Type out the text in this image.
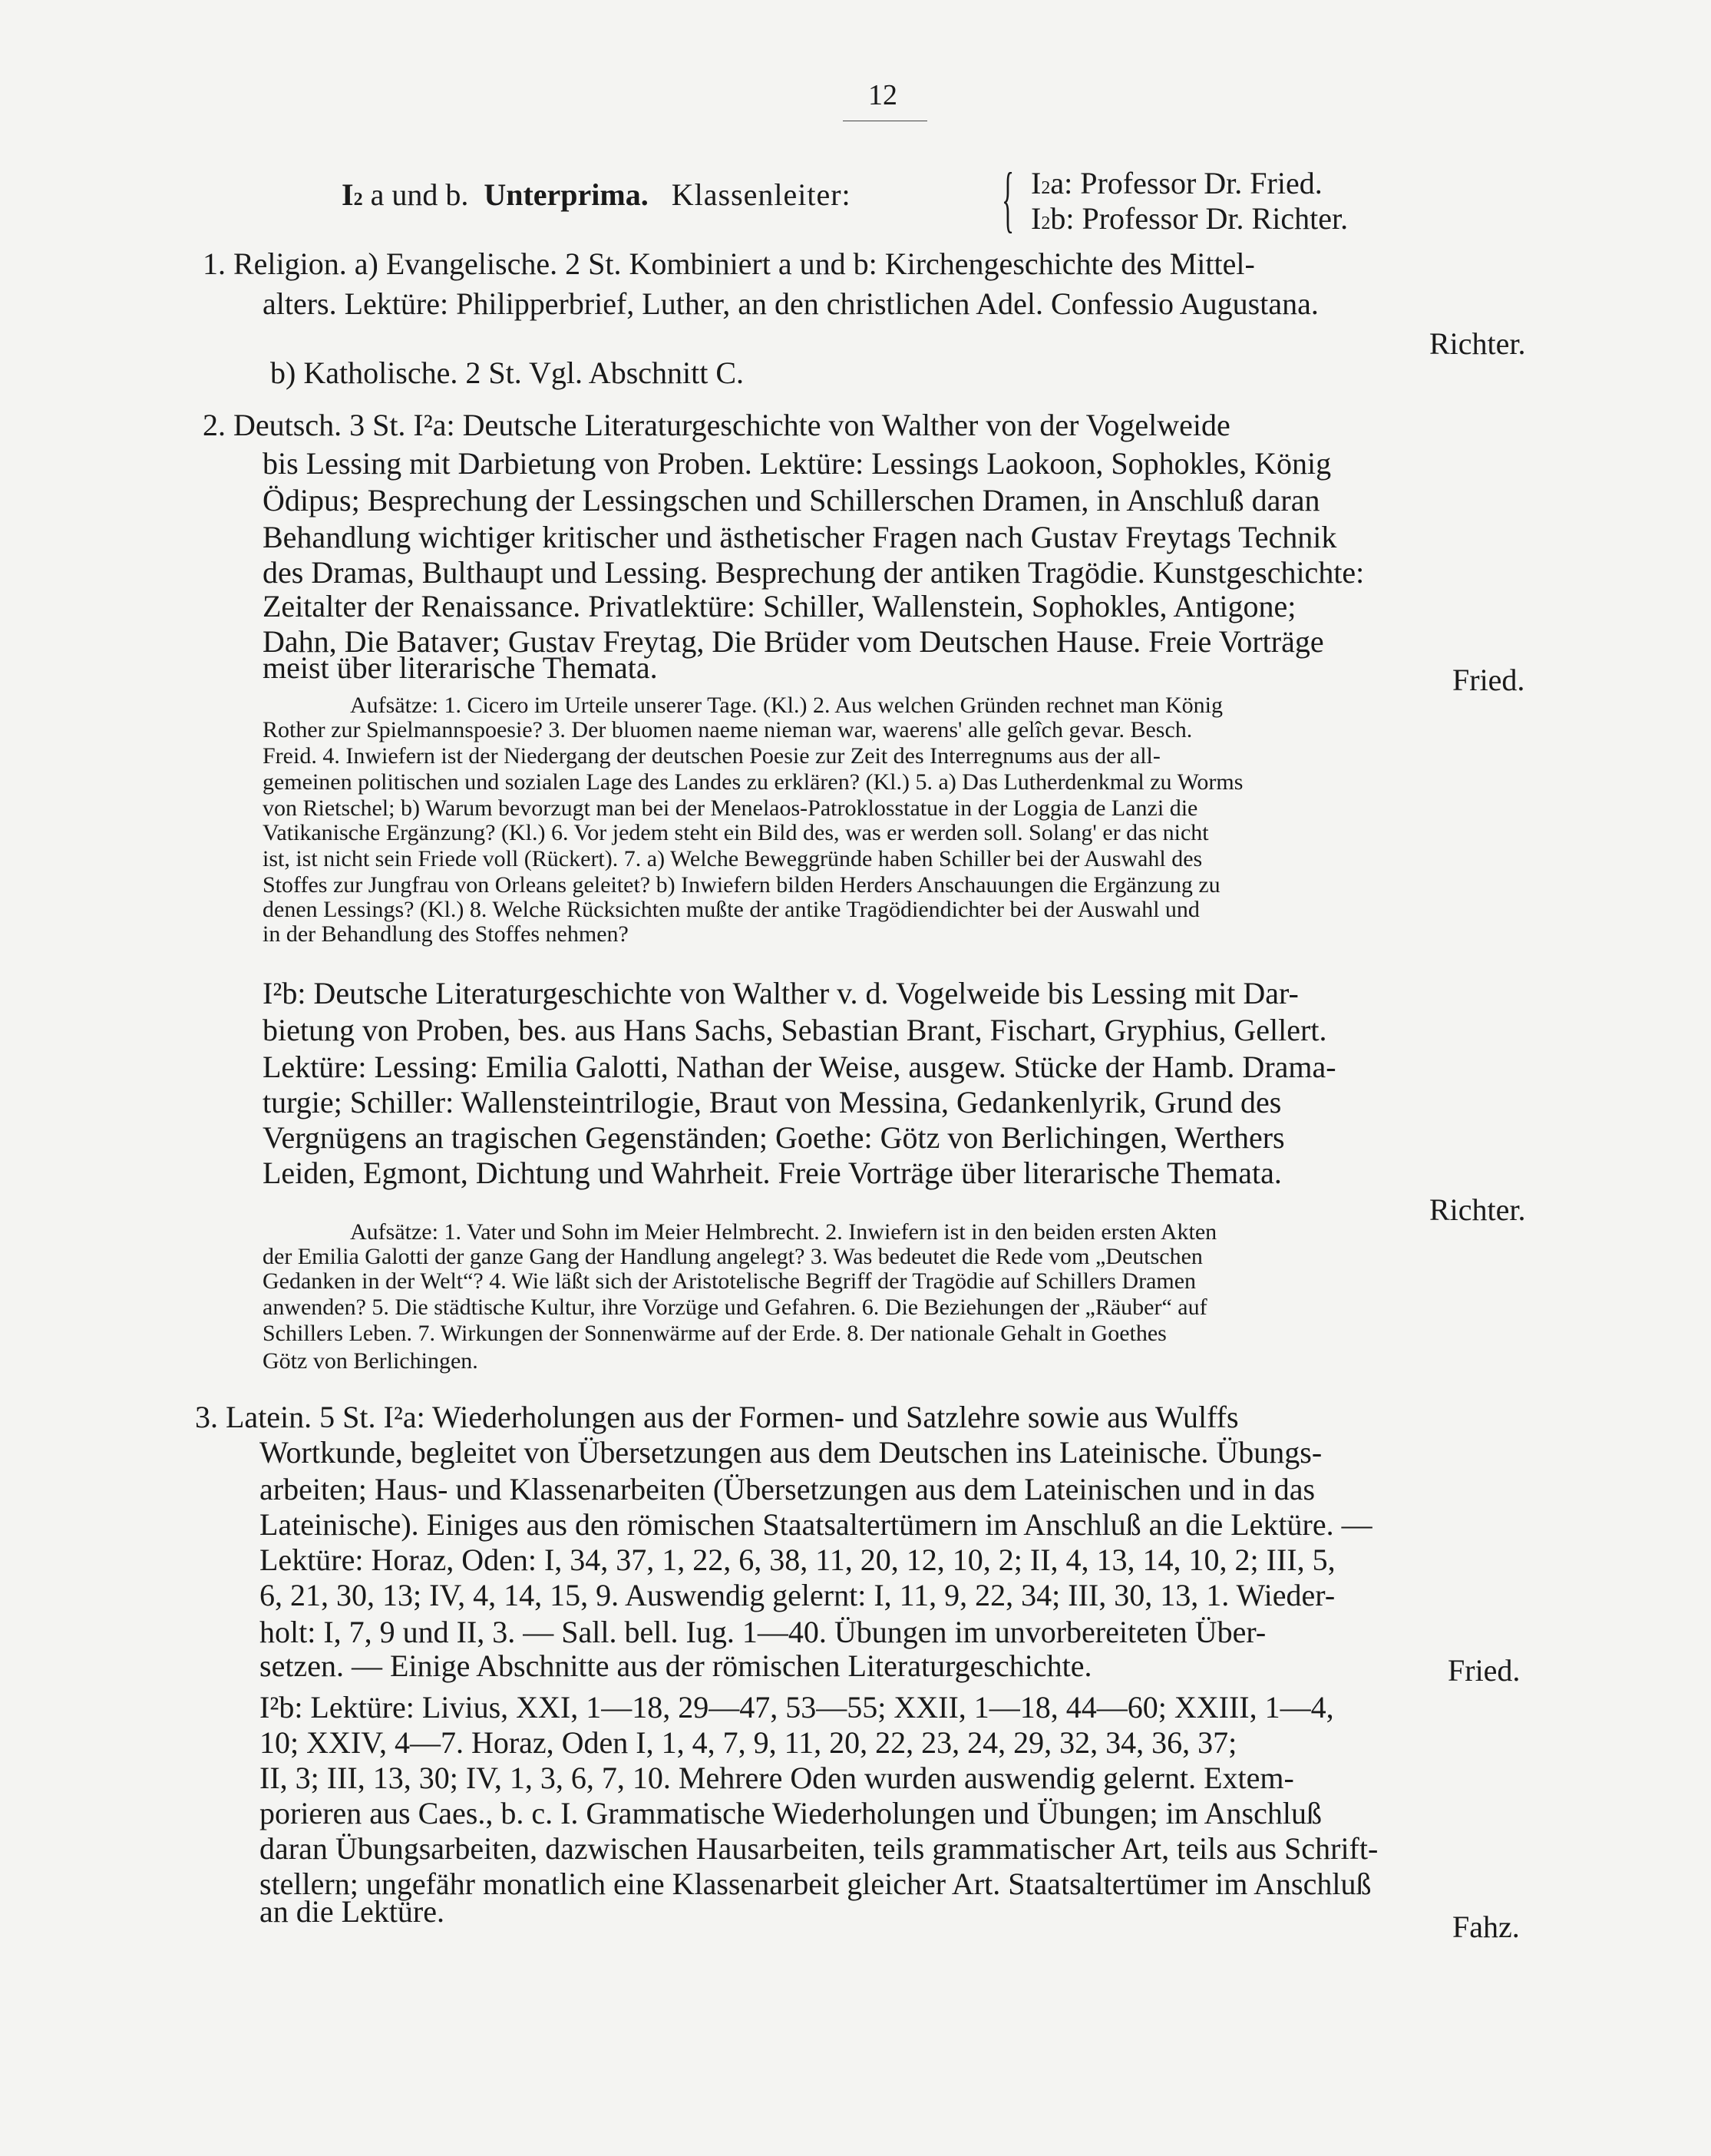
12
$I^2$ a und b. Unterprima. Klassenleiter: { $I^2a$: Professor Dr. Fried.
$I^2b$: Professor Dr. Richter.
1. Religion. a) Evangelische. 2 St. Kombiniert a und b: Kirchengeschichte des Mittel-
alters. Lektüre: Philipperbrief, Luther, an den christlichen Adel. Confessio Augustana.
Richter.
b) Katholische. 2 St. Vgl. Abschnitt C.
2. Deutsch. 3 St. I²a: Deutsche Literaturgeschichte von Walther von der Vogelweide
bis Lessing mit Darbietung von Proben. Lektüre: Lessings Laokoon, Sophokles, König
Ödipus; Besprechung der Lessingschen und Schillerschen Dramen, in Anschluß daran
Behandlung wichtiger kritischer und ästhetischer Fragen nach Gustav Freytags Technik
des Dramas, Bulthaupt und Lessing. Besprechung der antiken Tragödie. Kunstgeschichte:
Zeitalter der Renaissance. Privatlektüre: Schiller, Wallenstein, Sophokles, Antigone;
Dahn, Die Bataver; Gustav Freytag, Die Brüder vom Deutschen Hause. Freie Vorträge
meist über literarische Themata.	Fried.
Aufsätze: 1. Cicero im Urteile unserer Tage. (Kl.) 2. Aus welchen Gründen rechnet man König
Rother zur Spielmannspoesie? 3. Der bluomen naeme nieman war, waerens' alle gelîch gevar. Besch.
Freid. 4. Inwiefern ist der Niedergang der deutschen Poesie zur Zeit des Interregnums aus der all-
gemeinen politischen und sozialen Lage des Landes zu erklären? (Kl.) 5. a) Das Lutherdenkmal zu Worms
von Rietschel; b) Warum bevorzugt man bei der Menelaos-Patroklosstatue in der Loggia de Lanzi die
Vatikanische Ergänzung? (Kl.) 6. Vor jedem steht ein Bild des, was er werden soll. Solang' er das nicht
ist, ist nicht sein Friede voll (Rückert). 7. a) Welche Beweggründe haben Schiller bei der Auswahl des
Stoffes zur Jungfrau von Orleans geleitet? b) Inwiefern bilden Herders Anschauungen die Ergänzung zu
denen Lessings? (Kl.) 8. Welche Rücksichten mußte der antike Tragödiendichter bei der Auswahl und
in der Behandlung des Stoffes nehmen?
I²b: Deutsche Literaturgeschichte von Walther v. d. Vogelweide bis Lessing mit Dar-
bietung von Proben, bes. aus Hans Sachs, Sebastian Brant, Fischart, Gryphius, Gellert.
Lektüre: Lessing: Emilia Galotti, Nathan der Weise, ausgew. Stücke der Hamb. Drama-
turgie; Schiller: Wallensteintrilogie, Braut von Messina, Gedankenlyrik, Grund des
Vergnügens an tragischen Gegenständen; Goethe: Götz von Berlichingen, Werthers
Leiden, Egmont, Dichtung und Wahrheit. Freie Vorträge über literarische Themata.
Richter.
Aufsätze: 1. Vater und Sohn im Meier Helmbrecht. 2. Inwiefern ist in den beiden ersten Akten
der Emilia Galotti der ganze Gang der Handlung angelegt? 3. Was bedeutet die Rede vom „Deutschen
Gedanken in der Welt“? 4. Wie läßt sich der Aristotelische Begriff der Tragödie auf Schillers Dramen
anwenden? 5. Die städtische Kultur, ihre Vorzüge und Gefahren. 6. Die Beziehungen der „Räuber“ auf
Schillers Leben. 7. Wirkungen der Sonnenwärme auf der Erde. 8. Der nationale Gehalt in Goethes
Götz von Berlichingen.
3. Latein. 5 St. I²a: Wiederholungen aus der Formen- und Satzlehre sowie aus Wulffs
Wortkunde, begleitet von Übersetzungen aus dem Deutschen ins Lateinische. Übungs-
arbeiten; Haus- und Klassenarbeiten (Übersetzungen aus dem Lateinischen und in das
Lateinische). Einiges aus den römischen Staatsaltertümern im Anschluß an die Lektüre. —
Lektüre: Horaz, Oden: I, 34, 37, 1, 22, 6, 38, 11, 20, 12, 10, 2; II, 4, 13, 14, 10, 2; III, 5,
6, 21, 30, 13; IV, 4, 14, 15, 9. Auswendig gelernt: I, 11, 9, 22, 34; III, 30, 13, 1. Wieder-
holt: I, 7, 9 und II, 3. — Sall. bell. Iug. 1—40. Übungen im unvorbereiteten Über-
setzen. — Einige Abschnitte aus der römischen Literaturgeschichte.	Fried.
I²b: Lektüre: Livius, XXI, 1—18, 29—47, 53—55; XXII, 1—18, 44—60; XXIII, 1—4,
10; XXIV, 4—7. Horaz, Oden I, 1, 4, 7, 9, 11, 20, 22, 23, 24, 29, 32, 34, 36, 37;
II, 3; III, 13, 30; IV, 1, 3, 6, 7, 10. Mehrere Oden wurden auswendig gelernt. Extem-
porieren aus Caes., b. c. I. Grammatische Wiederholungen und Übungen; im Anschluß
daran Übungsarbeiten, dazwischen Hausarbeiten, teils grammatischer Art, teils aus Schrift-
stellern; ungefähr monatlich eine Klassenarbeit gleicher Art. Staatsaltertümer im Anschluß
an die Lektüre.	Fahz.
